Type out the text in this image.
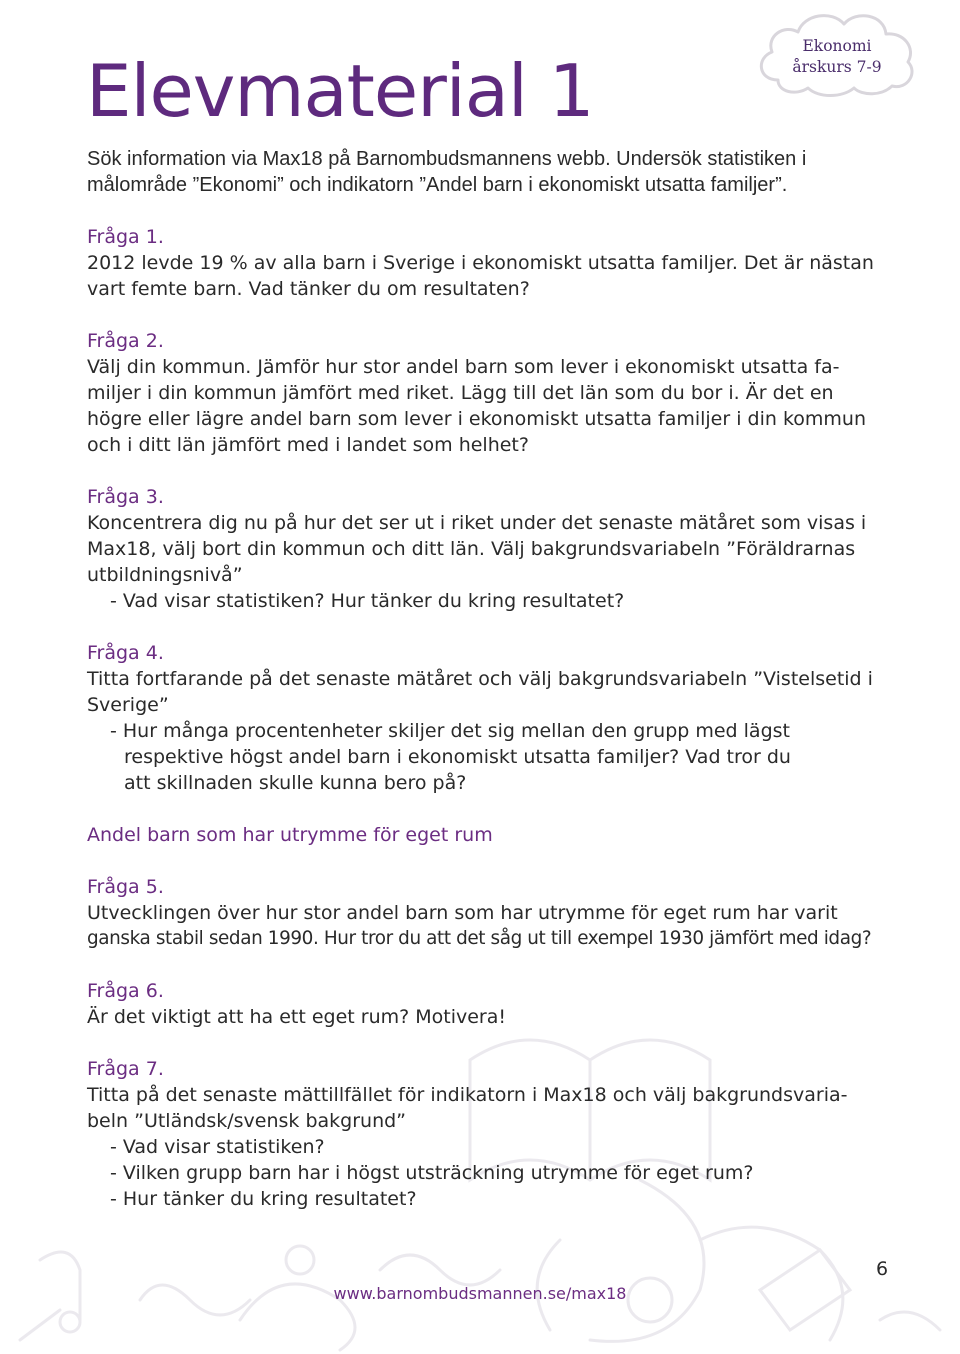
Ekonomi
årskurs 7-9
Elevmaterial 1

Sök information via Max18 på Barnombudsmannens webb. Undersök statistiken i

målområde ”Ekonomi” och indikatorn ”Andel barn i ekonomiskt utsatta familjer”.

Fråga 1.

2012 levde 19 % av alla barn i Sverige i ekonomiskt utsatta familjer. Det är nästan

vart femte barn. Vad tänker du om resultaten?

Fråga 2.

Välj din kommun. Jämför hur stor andel barn som lever i ekonomiskt utsatta fa-

miljer i din kommun jämfört med riket. Lägg till det län som du bor i. Är det en

högre eller lägre andel barn som lever i ekonomiskt utsatta familjer i din kommun

och i ditt län jämfört med i landet som helhet?

Fråga 3.

Koncentrera dig nu på hur det ser ut i riket under det senaste mätåret som visas i

Max18, välj bort din kommun och ditt län. Välj bakgrundsvariabeln ”Föräldrarnas

utbildningsnivå”

- Vad visar statistiken? Hur tänker du kring resultatet?

Fråga 4.

Titta fortfarande på det senaste mätåret och välj bakgrundsvariabeln ”Vistelsetid i

Sverige”

- Hur många procentenheter skiljer det sig mellan den grupp med lägst

respektive högst andel barn i ekonomiskt utsatta familjer? Vad tror du

att skillnaden skulle kunna bero på?

Andel barn som har utrymme för eget rum

Fråga 5.

Utvecklingen över hur stor andel barn som har utrymme för eget rum har varit

ganska stabil sedan 1990. Hur tror du att det såg ut till exempel 1930 jämfört med idag?

Fråga 6.

Är det viktigt att ha ett eget rum? Motivera!

Fråga 7.

Titta på det senaste mättillfället för indikatorn i Max18 och välj bakgrundsvaria-

beln ”Utländsk/svensk bakgrund”

- Vad visar statistiken?

- Vilken grupp barn har i högst utsträckning utrymme för eget rum?

- Hur tänker du kring resultatet?

6
www.barnombudsmannen.se/max18
